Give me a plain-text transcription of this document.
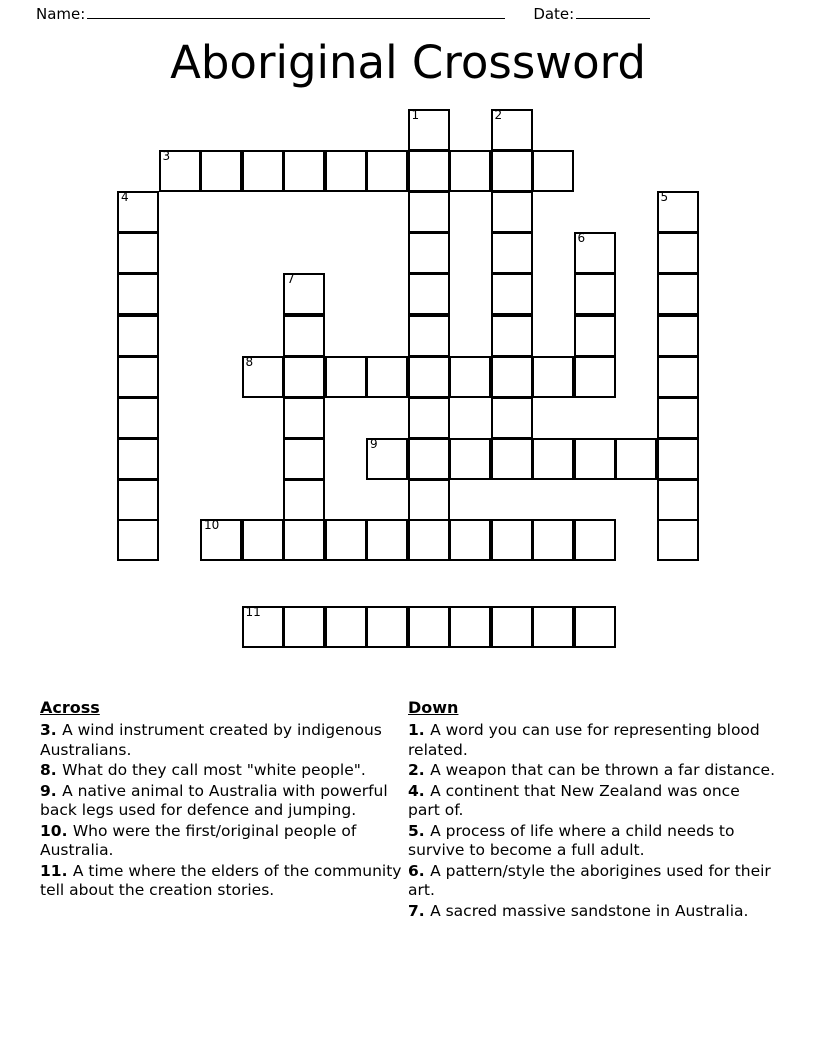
Name:	Date:
Aboriginal Crossword
1	2
3
4	5
6
7
8
9
10
11
Across
3. A wind instrument created by indigenous Australians.
8. What do they call most "white people".
9. A native animal to Australia with powerful back legs used for defence and jumping.
10. Who were the first/original people of Australia.
11. A time where the elders of the community tell about the creation stories.
Down
1. A word you can use for representing blood related.
2. A weapon that can be thrown a far distance.
4. A continent that New Zealand was once part of.
5. A process of life where a child needs to survive to become a full adult.
6. A pattern/style the aborigines used for their art.
7. A sacred massive sandstone in Australia.
